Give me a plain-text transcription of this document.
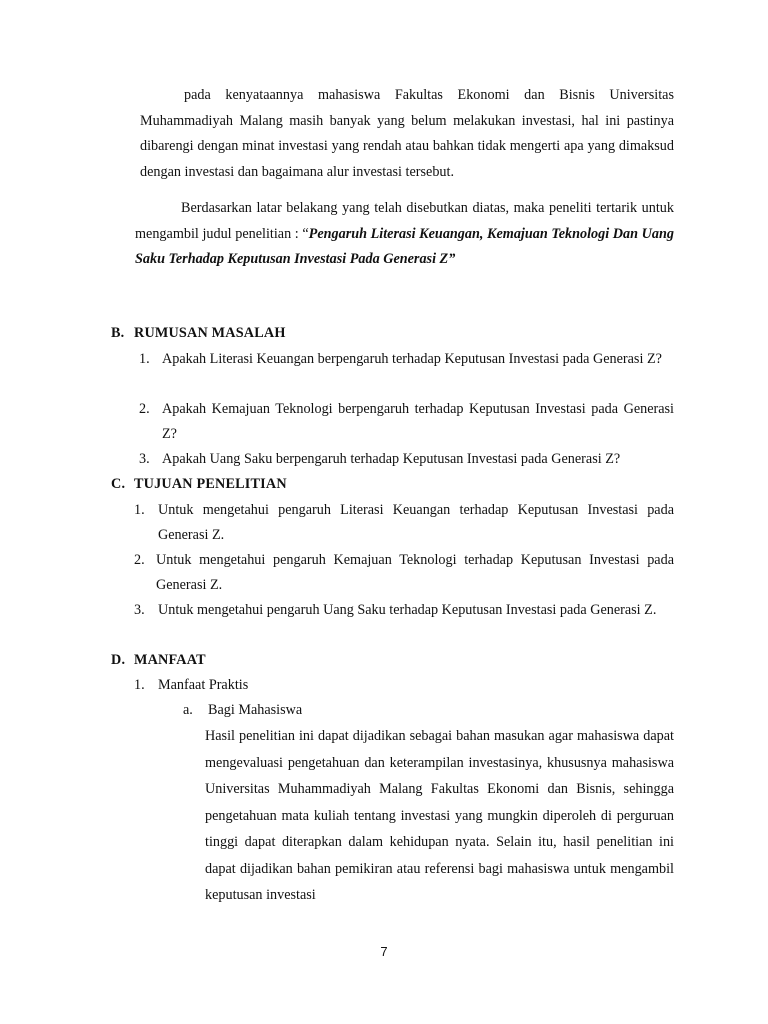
pada kenyataannya mahasiswa Fakultas Ekonomi dan Bisnis Universitas Muhammadiyah Malang masih banyak yang belum melakukan investasi, hal ini pastinya dibarengi dengan minat investasi yang rendah atau bahkan tidak mengerti apa yang dimaksud dengan investasi dan bagaimana alur investasi tersebut.

Berdasarkan latar belakang yang telah disebutkan diatas, maka peneliti tertarik untuk mengambil judul penelitian : “Pengaruh Literasi Keuangan, Kemajuan Teknologi Dan Uang Saku Terhadap Keputusan Investasi Pada Generasi Z”

B. RUMUSAN MASALAH

1. Apakah Literasi Keuangan berpengaruh terhadap Keputusan Investasi pada Generasi Z?
2. Apakah Kemajuan Teknologi berpengaruh terhadap Keputusan Investasi pada Generasi Z?
3. Apakah Uang Saku berpengaruh terhadap Keputusan Investasi pada Generasi Z?

C. TUJUAN PENELITIAN

1. Untuk mengetahui pengaruh Literasi Keuangan terhadap Keputusan Investasi pada Generasi Z.
2. Untuk mengetahui pengaruh Kemajuan Teknologi terhadap Keputusan Investasi pada Generasi Z.
3. Untuk mengetahui pengaruh Uang Saku terhadap Keputusan Investasi pada Generasi Z.

D. MANFAAT

1. Manfaat Praktis

a. Bagi Mahasiswa

Hasil penelitian ini dapat dijadikan sebagai bahan masukan agar mahasiswa dapat mengevaluasi pengetahuan dan keterampilan investasinya, khususnya mahasiswa Universitas Muhammadiyah Malang Fakultas Ekonomi dan Bisnis, sehingga pengetahuan mata kuliah tentang investasi yang mungkin diperoleh di perguruan tinggi dapat diterapkan dalam kehidupan nyata. Selain itu, hasil penelitian ini dapat dijadikan bahan pemikiran atau referensi bagi mahasiswa untuk mengambil keputusan investasi

7
